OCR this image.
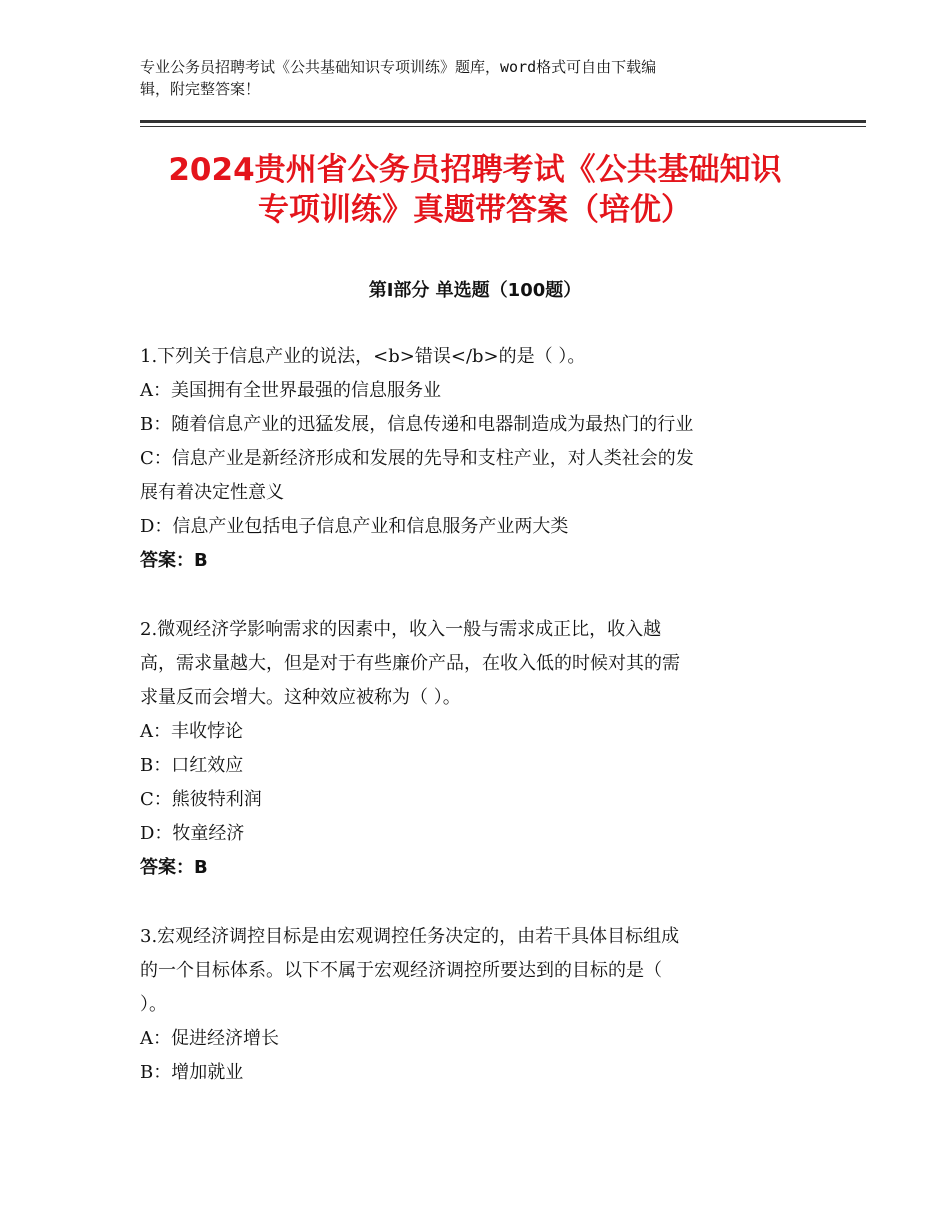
专业公务员招聘考试《公共基础知识专项训练》题库，word格式可自由下载编
辑，附完整答案！
2024贵州省公务员招聘考试《公共基础知识
专项训练》真题带答案（培优）
第Ⅰ部分 单选题（100题）
1.下列关于信息产业的说法，<b>错误</b>的是（ ）。
A：美国拥有全世界最强的信息服务业
B：随着信息产业的迅猛发展，信息传递和电器制造成为最热门的行业
C：信息产业是新经济形成和发展的先导和支柱产业，对人类社会的发
展有着决定性意义
D：信息产业包括电子信息产业和信息服务产业两大类
答案：B
2.微观经济学影响需求的因素中，收入一般与需求成正比，收入越
高，需求量越大，但是对于有些廉价产品，在收入低的时候对其的需
求量反而会增大。这种效应被称为（ ）。
A：丰收悖论
B：口红效应
C：熊彼特利润
D：牧童经济
答案：B
3.宏观经济调控目标是由宏观调控任务决定的，由若干具体目标组成
的一个目标体系。以下不属于宏观经济调控所要达到的目标的是（
）。
A：促进经济增长
B：增加就业
